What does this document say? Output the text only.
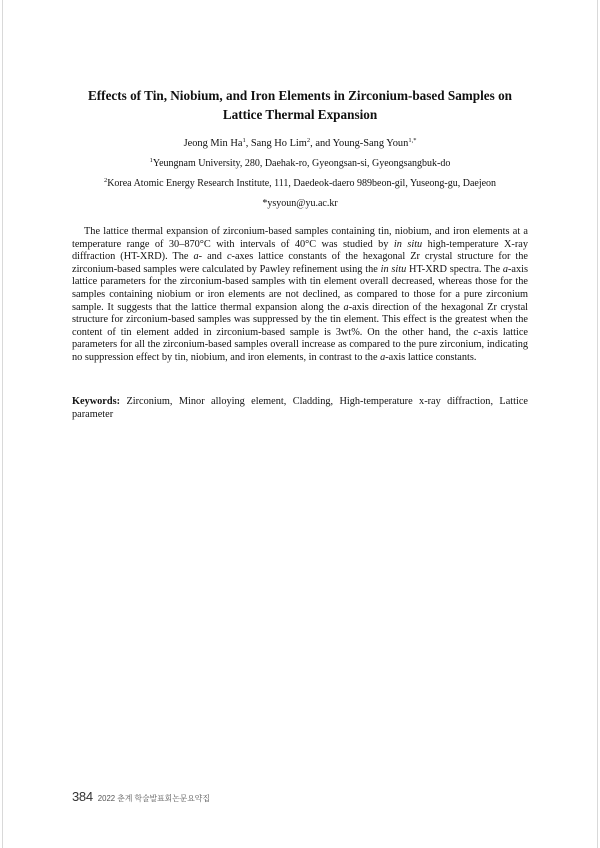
Effects of Tin, Niobium, and Iron Elements in Zirconium-based Samples on Lattice Thermal Expansion
Jeong Min Ha$^1$, Sang Ho Lim$^2$, and Young-Sang Youn$^{1,*}$
$^1$Yeungnam University, 280, Daehak-ro, Gyeongsan-si, Gyeongsangbuk-do
$^2$Korea Atomic Energy Research Institute, 111, Daedeok-daero 989beon-gil, Yuseong-gu, Daejeon
*ysyoun@yu.ac.kr
The lattice thermal expansion of zirconium-based samples containing tin, niobium, and iron elements at a temperature range of 30–870°C with intervals of 40°C was studied by in situ high-temperature X-ray diffraction (HT-XRD). The a- and c-axes lattice constants of the hexagonal Zr crystal structure for the zirconium-based samples were calculated by Pawley refinement using the in situ HT-XRD spectra. The a-axis lattice parameters for the zirconium-based samples with tin element overall decreased, whereas those for the samples containing niobium or iron elements are not declined, as compared to those for a pure zirconium sample. It suggests that the lattice thermal expansion along the a-axis direction of the hexagonal Zr crystal structure for zirconium-based samples was suppressed by the tin element. This effect is the greatest when the content of tin element added in zirconium-based sample is 3wt%. On the other hand, the c-axis lattice parameters for all the zirconium-based samples overall increase as compared to the pure zirconium, indicating no suppression effect by tin, niobium, and iron elements, in contrast to the a-axis lattice constants.
Keywords: Zirconium, Minor alloying element, Cladding, High-temperature x-ray diffraction, Lattice parameter
384 2022 춘계 학술발표회논문요약집
